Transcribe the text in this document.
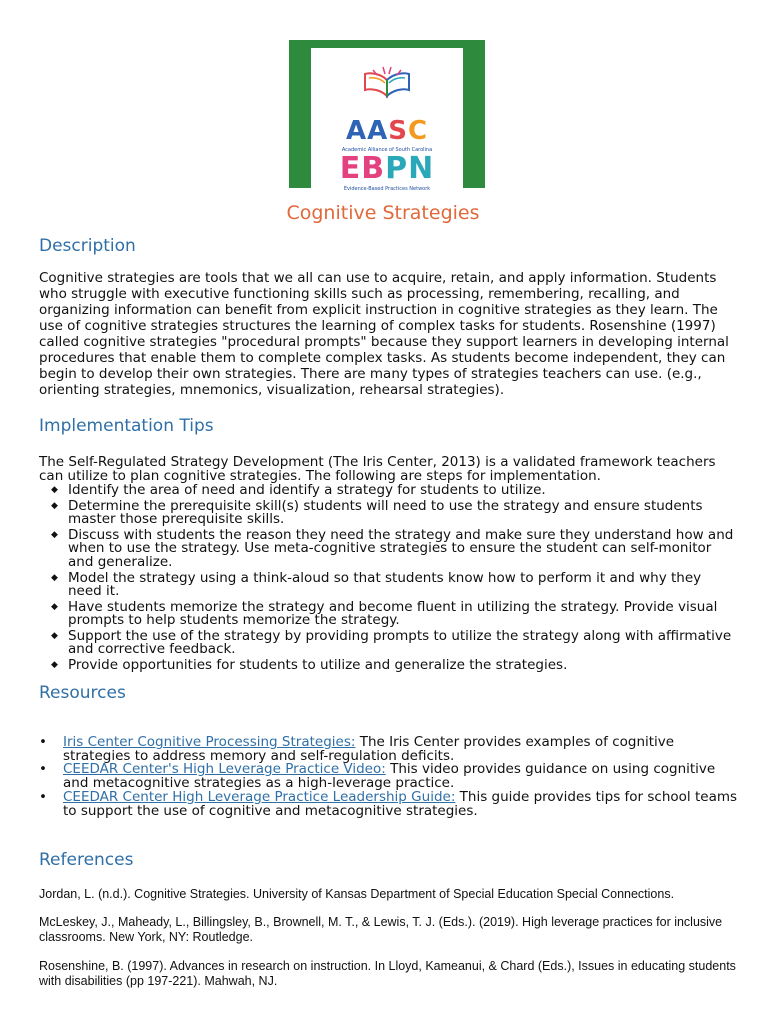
AASC
Academic Alliance of South Carolina
EBPN
Evidence-Based Practices Network
Cognitive Strategies
Description

Cognitive strategies are tools that we all can use to acquire, retain, and apply information. Students who struggle with executive functioning skills such as processing, remembering, recalling, and organizing information can benefit from explicit instruction in cognitive strategies as they learn. The use of cognitive strategies structures the learning of complex tasks for students. Rosenshine (1997) called cognitive strategies "procedural prompts" because they support learners in developing internal procedures that enable them to complete complex tasks. As students become independent, they can begin to develop their own strategies. There are many types of strategies teachers can use. (e.g., orienting strategies, mnemonics, visualization, rehearsal strategies).

Implementation Tips

The Self-Regulated Strategy Development (The Iris Center, 2013) is a validated framework teachers can utilize to plan cognitive strategies. The following are steps for implementation.

◆ Identify the area of need and identify a strategy for students to utilize.
◆ Determine the prerequisite skill(s) students will need to use the strategy and ensure students master those prerequisite skills.
◆ Discuss with students the reason they need the strategy and make sure they understand how and when to use the strategy. Use meta-cognitive strategies to ensure the student can self-monitor and generalize.
◆ Model the strategy using a think-aloud so that students know how to perform it and why they need it.
◆ Have students memorize the strategy and become fluent in utilizing the strategy. Provide visual prompts to help students memorize the strategy.
◆ Support the use of the strategy by providing prompts to utilize the strategy along with affirmative and corrective feedback.
◆ Provide opportunities for students to utilize and generalize the strategies.
Resources
• Iris Center Cognitive Processing Strategies: The Iris Center provides examples of cognitive strategies to address memory and self-regulation deficits.
• CEEDAR Center's High Leverage Practice Video: This video provides guidance on using cognitive and metacognitive strategies as a high-leverage practice.
• CEEDAR Center High Leverage Practice Leadership Guide: This guide provides tips for school teams to support the use of cognitive and metacognitive strategies.
References

Jordan, L. (n.d.). Cognitive Strategies. University of Kansas Department of Special Education Special Connections.

McLeskey, J., Maheady, L., Billingsley, B., Brownell, M. T., & Lewis, T. J. (Eds.). (2019). High leverage practices for inclusive classrooms. New York, NY: Routledge.

Rosenshine, B. (1997). Advances in research on instruction. In Lloyd, Kameanui, & Chard (Eds.), Issues in educating students with disabilities (pp 197-221). Mahwah, NJ.
